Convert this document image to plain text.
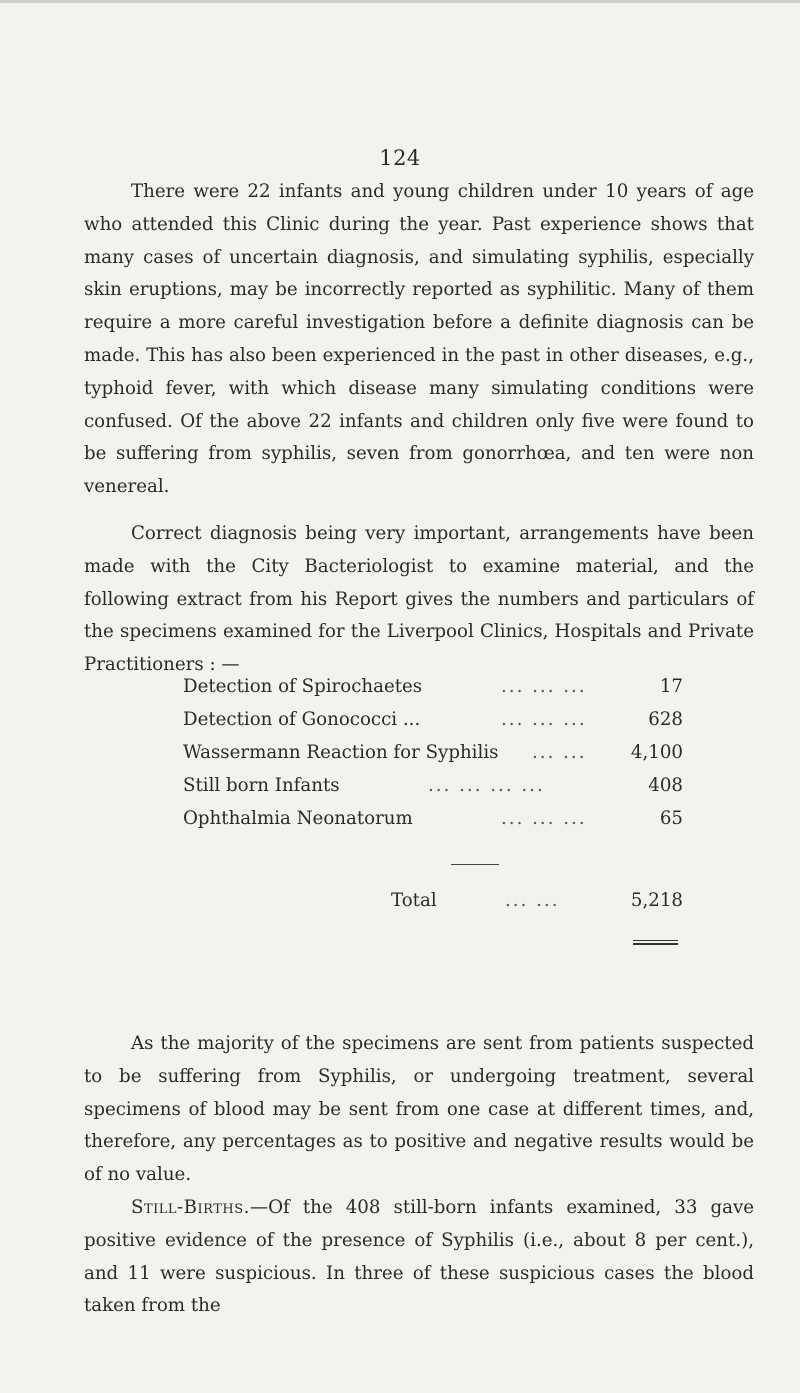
124

There were 22 infants and young children under 10 years of age who attended this Clinic during the year. Past experience shows that many cases of uncertain diagnosis, and simulating syphilis, especially skin eruptions, may be incorrectly reported as syphilitic. Many of them require a more careful investigation before a definite diagnosis can be made. This has also been experienced in the past in other diseases, e.g., typhoid fever, with which disease many simulating conditions were confused. Of the above 22 infants and children only five were found to be suffering from syphilis, seven from gonorrhœa, and ten were non venereal.

Correct diagnosis being very important, arrangements have been made with the City Bacteriologist to examine material, and the following extract from his Report gives the numbers and particulars of the specimens examined for the Liverpool Clinics, Hospitals and Private Practitioners : —

Detection of Spirochaetes	... ... ...	17
Detection of Gonococci ...	... ... ...	628
Wassermann Reaction for Syphilis ... ... 4,100
Still born Infants	... ... ... ...	408
Ophthalmia Neonatorum	... ... ...	65
Total	... ...	5,218

As the majority of the specimens are sent from patients suspected to be suffering from Syphilis, or undergoing treatment, several specimens of blood may be sent from one case at different times, and, therefore, any percentages as to positive and negative results would be of no value.

Still-Births.—Of the 408 still-born infants examined, 33 gave positive evidence of the presence of Syphilis (i.e., about 8 per cent.), and 11 were suspicious. In three of these suspicious cases the blood taken from the
